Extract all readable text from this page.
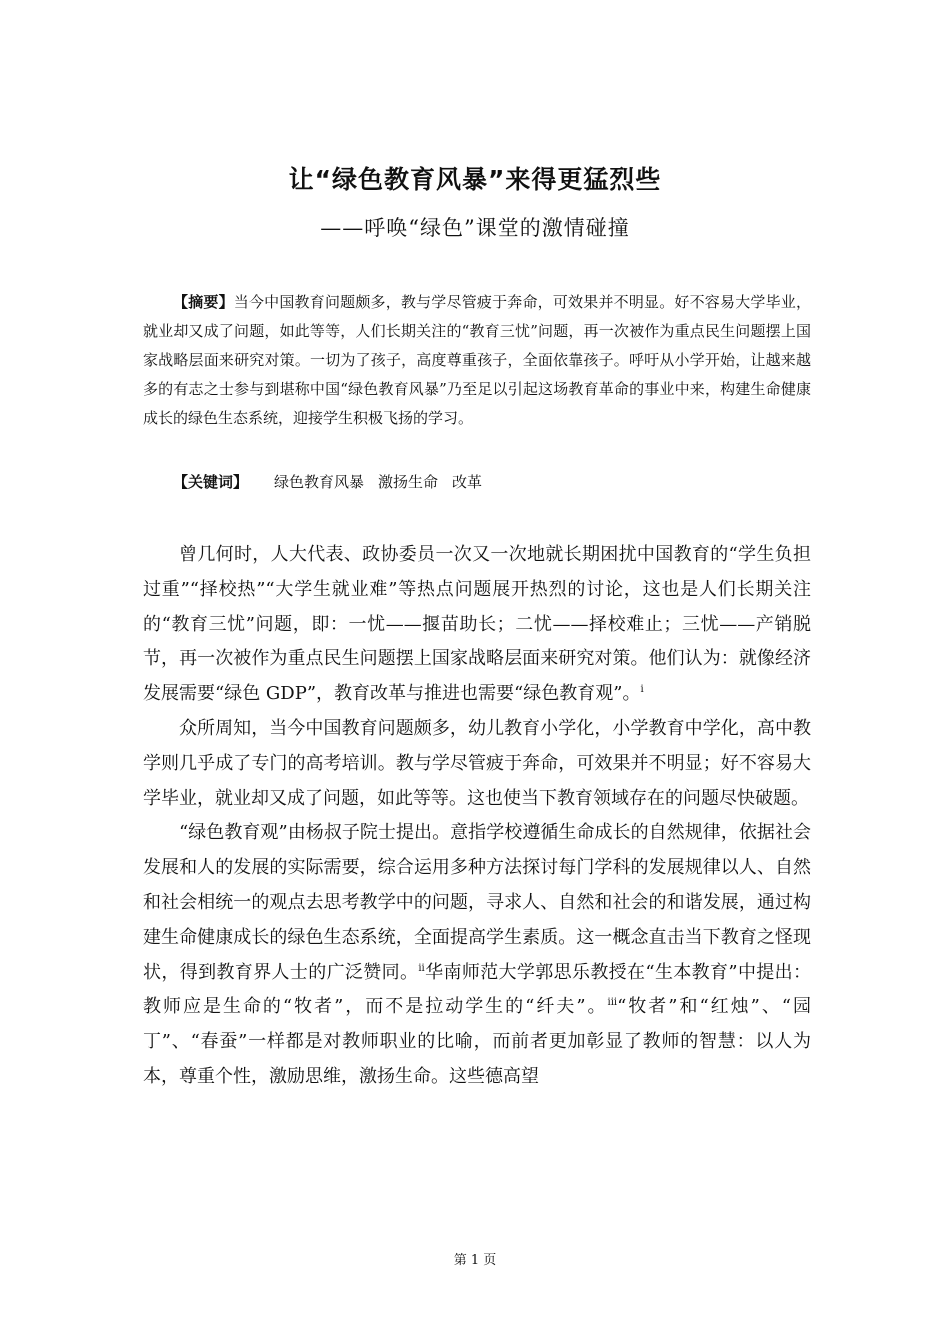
让“绿色教育风暴”来得更猛烈些
——呼唤“绿色”课堂的激情碰撞

【摘要】当今中国教育问题颇多，教与学尽管疲于奔命，可效果并不明显。好不容易大学毕业，就业却又成了问题，如此等等，人们长期关注的“教育三忧”问题，再一次被作为重点民生问题摆上国家战略层面来研究对策。一切为了孩子，高度尊重孩子，全面依靠孩子。呼吁从小学开始，让越来越多的有志之士参与到堪称中国“绿色教育风暴”乃至足以引起这场教育革命的事业中来，构建生命健康成长的绿色生态系统，迎接学生积极飞扬的学习。

【关键词】 绿色教育风暴 激扬生命 改革

曾几何时，人大代表、政协委员一次又一次地就长期困扰中国教育的“学生负担过重”“择校热”“大学生就业难”等热点问题展开热烈的讨论，这也是人们长期关注的“教育三忧”问题，即：一忧——揠苗助长；二忧——择校难止；三忧——产销脱节，再一次被作为重点民生问题摆上国家战略层面来研究对策。他们认为：就像经济发展需要“绿色 GDP”，教育改革与推进也需要“绿色教育观”。$^i$

众所周知，当今中国教育问题颇多，幼儿教育小学化，小学教育中学化，高中教学则几乎成了专门的高考培训。教与学尽管疲于奔命，可效果并不明显；好不容易大学毕业，就业却又成了问题，如此等等。这也使当下教育领域存在的问题尽快破题。

“绿色教育观”由杨叔子院士提出。意指学校遵循生命成长的自然规律，依据社会发展和人的发展的实际需要，综合运用多种方法探讨每门学科的发展规律以人、自然和社会相统一的观点去思考教学中的问题，寻求人、自然和社会的和谐发展，通过构建生命健康成长的绿色生态系统，全面提高学生素质。这一概念直击当下教育之怪现状，得到教育界人士的广泛赞同。$^{ii}$华南师范大学郭思乐教授在“生本教育”中提出：教师应是生命的“牧者”，而不是拉动学生的“纤夫”。$^{iii}$“牧者”和“红烛”、“园丁”、“春蚕”一样都是对教师职业的比喻，而前者更加彰显了教师的智慧：以人为本，尊重个性，激励思维，激扬生命。这些德高望

第 1 页
